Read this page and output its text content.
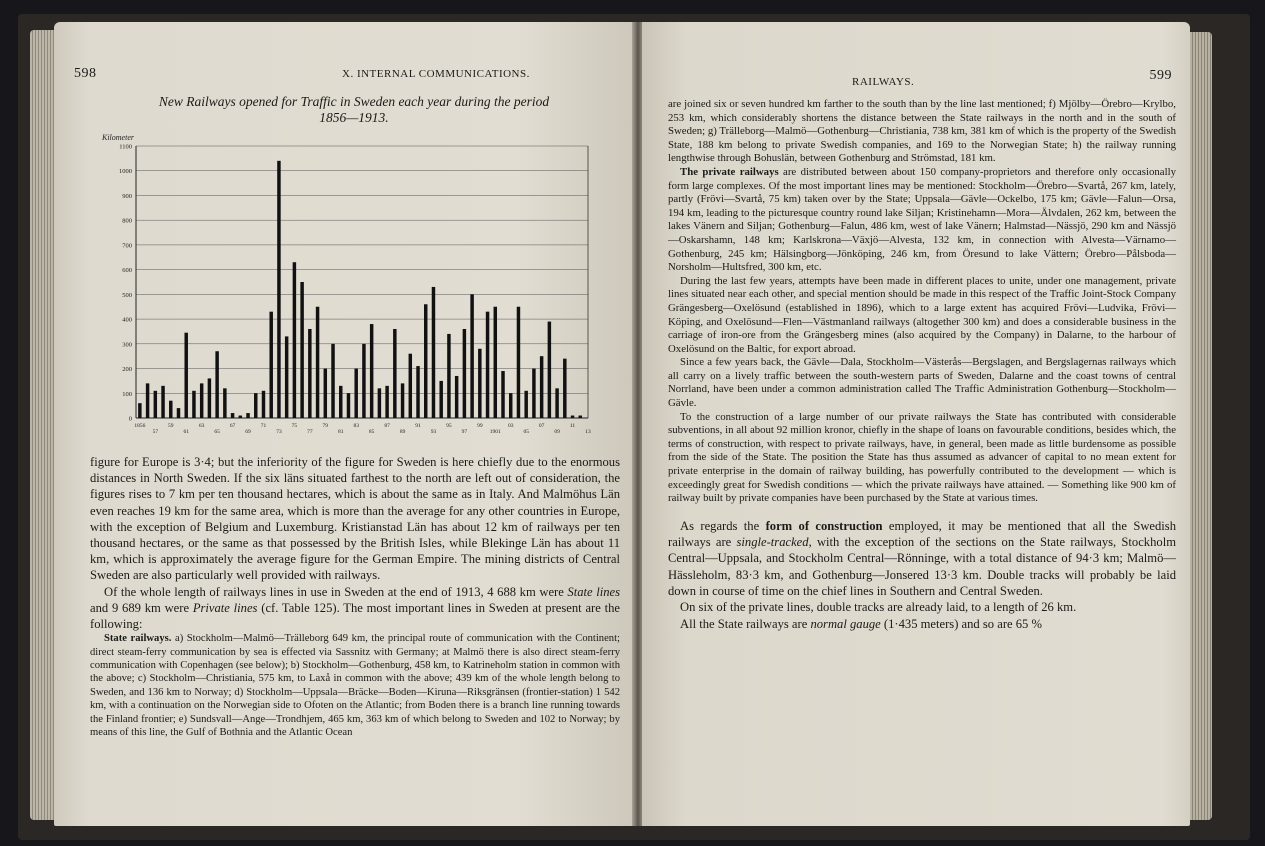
598	X. INTERNAL COMMUNICATIONS.
New Railways opened for Traffic in Sweden each year during the period
1856—1913.
Kilometer
0
100
200
300
400
500
600
700
800
900
1000
1100
1856
57
59
61
63
65
67
69
71
73
75
77
79
81
83
85
87
89
91
93
95
97
99
1901
03
05
07
09
11
13

figure for Europe is 3·4; but the inferiority of the figure for Sweden is here chiefly due to the enormous distances in North Sweden. If the six läns situated farthest to the north are left out of consideration, the figures rises to 7 km per ten thousand hectares, which is about the same as in Italy. And Malmöhus Län even reaches 19 km for the same area, which is more than the average for any other countries in Europe, with the exception of Belgium and Luxemburg. Kristianstad Län has about 12 km of railways per ten thousand hectares, or the same as that possessed by the British Isles, while Blekinge Län has about 11 km, which is approximately the average figure for the German Empire. The mining districts of Central Sweden are also particularly well provided with railways.

Of the whole length of railways lines in use in Sweden at the end of 1913, 4 688 km were State lines and 9 689 km were Private lines (cf. Table 125). The most important lines in Sweden at present are the following:

State railways. a) Stockholm—Malmö—Trälleborg 649 km, the principal route of communication with the Continent; direct steam-ferry communication by sea is effected via Sassnitz with Germany; at Malmö there is also direct steam-ferry communication with Copenhagen (see below); b) Stockholm—Gothenburg, 458 km, to Katrineholm station in common with the above; c) Stockholm—Christiania, 575 km, to Laxå in common with the above; 439 km of the whole length belong to Sweden, and 136 km to Norway; d) Stockholm—Uppsala—Bräcke—Boden—Kiruna—Riksgränsen (frontier-station) 1 542 km, with a continuation on the Norwegian side to Ofoten on the Atlantic; from Boden there is a branch line running towards the Finland frontier; e) Sundsvall—Ange—Trondhjem, 465 km, 363 km of which belong to Sweden and 102 to Norway; by means of this line, the Gulf of Bothnia and the Atlantic Ocean

RAILWAYS.	599

are joined six or seven hundred km farther to the south than by the line last mentioned; f) Mjölby—Örebro—Krylbo, 253 km, which considerably shortens the distance between the State railways in the north and in the south of Sweden; g) Trälleborg—Malmö—Gothenburg—Christiania, 738 km, 381 km of which is the property of the Swedish State, 188 km belong to private Swedish companies, and 169 to the Norwegian State; h) the railway running lengthwise through Bohuslän, between Gothenburg and Strömstad, 181 km.

The private railways are distributed between about 150 company-proprietors and therefore only occasionally form large complexes. Of the most important lines may be mentioned: Stockholm—Örebro—Svartå, 267 km, lately, partly (Frövi—Svartå, 75 km) taken over by the State; Uppsala—Gävle—Ockelbo, 175 km; Gävle—Falun—Orsa, 194 km, leading to the picturesque country round lake Siljan; Kristinehamn—Mora—Älvdalen, 262 km, between the lakes Vänern and Siljan; Gothenburg—Falun, 486 km, west of lake Vänern; Halmstad—Nässjö, 290 km and Nässjö—Oskarshamn, 148 km; Karlskrona—Växjö—Alvesta, 132 km, in connection with Alvesta—Värnamo—Gothenburg, 245 km; Hälsingborg—Jönköping, 246 km, from Öresund to lake Vättern; Örebro—Pålsboda—Norsholm—Hultsfred, 300 km, etc.

During the last few years, attempts have been made in different places to unite, under one management, private lines situated near each other, and special mention should be made in this respect of the Traffic Joint-Stock Company Grängesberg—Oxelösund (established in 1896), which to a large extent has acquired Frövi—Ludvika, Frövi—Köping, and Oxelösund—Flen—Västmanland railways (altogether 300 km) and does a considerable business in the carriage of iron-ore from the Grängesberg mines (also acquired by the Company) in Dalarne, to the harbour of Oxelösund on the Baltic, for export abroad.

Since a few years back, the Gävle—Dala, Stockholm—Västerås—Bergslagen, and Bergslagernas railways which all carry on a lively traffic between the south-western parts of Sweden, Dalarne and the coast towns of central Norrland, have been under a common administration called The Traffic Administration Gothenburg—Stockholm—Gävle.

To the construction of a large number of our private railways the State has contributed with considerable subventions, in all about 92 million kronor, chiefly in the shape of loans on favourable conditions, besides which, the terms of construction, with respect to private railways, have, in general, been made as little burdensome as possible from the side of the State. The position the State has thus assumed as advancer of capital to no mean extent for private enterprise in the domain of railway building, has powerfully contributed to the development — which is exceedingly great for Swedish conditions — which the private railways have attained. — Something like 900 km of railway built by private companies have been purchased by the State at various times.

As regards the form of construction employed, it may be mentioned that all the Swedish railways are single-tracked, with the exception of the sections on the State railways, Stockholm Central—Uppsala, and Stockholm Central—Rönninge, with a total distance of 94·3 km; Malmö—Hässleholm, 83·3 km, and Gothenburg—Jonsered 13·3 km. Double tracks will probably be laid down in course of time on the chief lines in Southern and Central Sweden.

On six of the private lines, double tracks are already laid, to a length of 26 km.

All the State railways are normal gauge (1·435 meters) and so are 65 %
